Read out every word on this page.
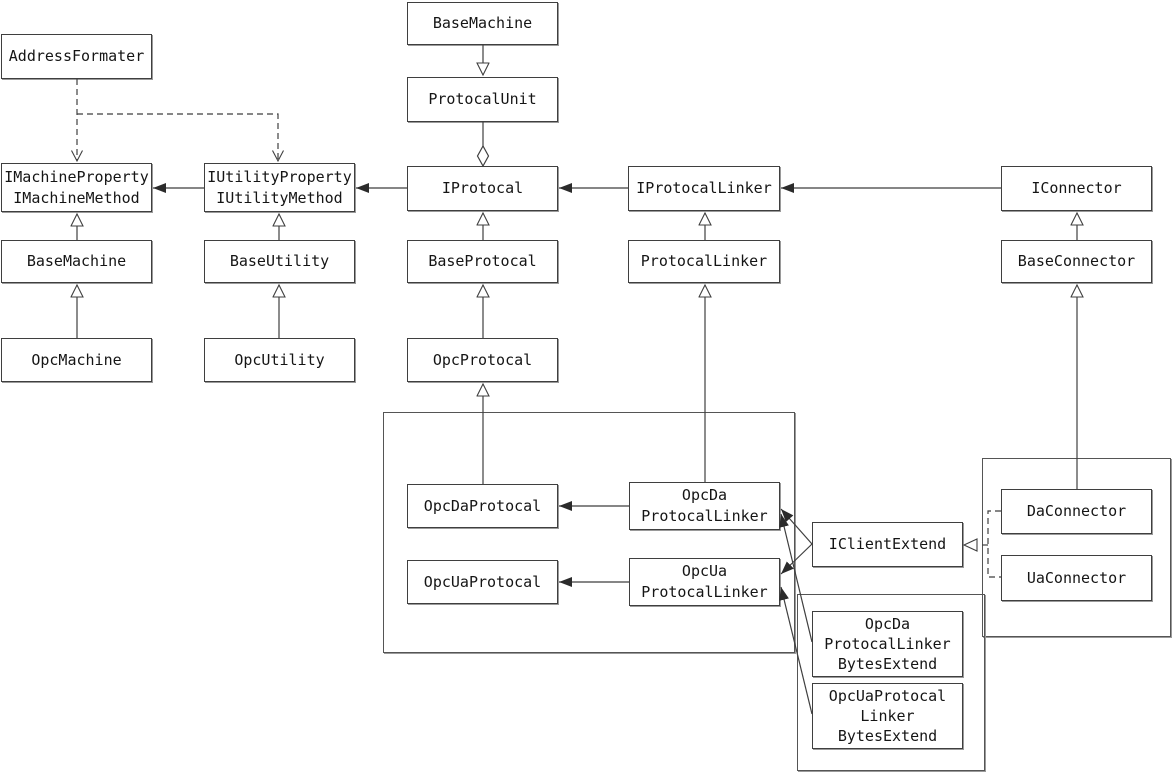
AddressFormater
BaseMachine
ProtocalUnit
IMachineProperty
IMachineMethod
IUtilityProperty
IUtilityMethod
IProtocal	IProtocalLinker	IConnector
BaseMachine	BaseUtility	BaseProtocal	ProtocalLinker	BaseConnector
OpcMachine	OpcUtility	OpcProtocal
OpcDaProtocal
OpcUaProtocal
OpcDa
ProtocalLinker
OpcUa
ProtocalLinker
IClientExtend
DaConnector
UaConnector
OpcDa
ProtocalLinker
BytesExtend
OpcUaProtocal
Linker
BytesExtend
